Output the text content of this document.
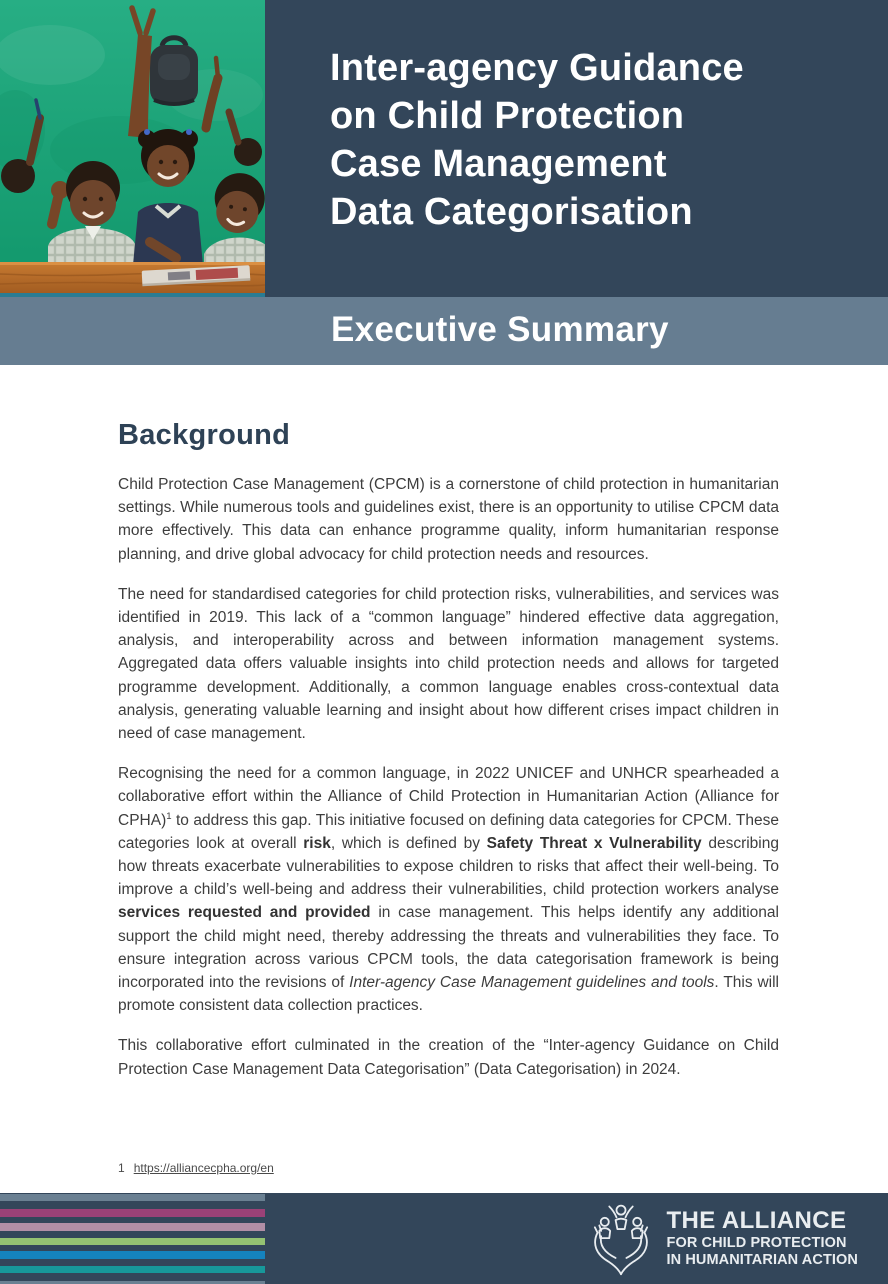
Inter-agency Guidance
on Child Protection
Case Management
Data Categorisation
Executive Summary
Background

Child Protection Case Management (CPCM) is a cornerstone of child protection in humanitarian settings. While numerous tools and guidelines exist, there is an opportunity to utilise CPCM data more effectively. This data can enhance programme quality, inform humanitarian response planning, and drive global advocacy for child protection needs and resources.

The need for standardised categories for child protection risks, vulnerabilities, and services was identified in 2019. This lack of a “common language” hindered effective data aggregation, analysis, and interoperability across and between information management systems. Aggregated data offers valuable insights into child protection needs and allows for targeted programme development. Additionally, a common language enables cross-contextual data analysis, generating valuable learning and insight about how different crises impact children in need of case management.

Recognising the need for a common language, in 2022 UNICEF and UNHCR spearheaded a collaborative effort within the Alliance of Child Protection in Humanitarian Action (Alliance for CPHA)$^1$ to address this gap. This initiative focused on defining data categories for CPCM. These categories look at overall risk, which is defined by Safety Threat x Vulnerability describing how threats exacerbate vulnerabilities to expose children to risks that affect their well-being. To improve a child’s well-being and address their vulnerabilities, child protection workers analyse services requested and provided in case management. This helps identify any additional support the child might need, thereby addressing the threats and vulnerabilities they face. To ensure integration across various CPCM tools, the data categorisation framework is being incorporated into the revisions of Inter-agency Case Management guidelines and tools. This will promote consistent data collection practices.

This collaborative effort culminated in the creation of the “Inter-agency Guidance on Child Protection Case Management Data Categorisation” (Data Categorisation) in 2024.

1 https://alliancecpha.org/en
THE ALLIANCE
FOR CHILD PROTECTION
IN HUMANITARIAN ACTION
